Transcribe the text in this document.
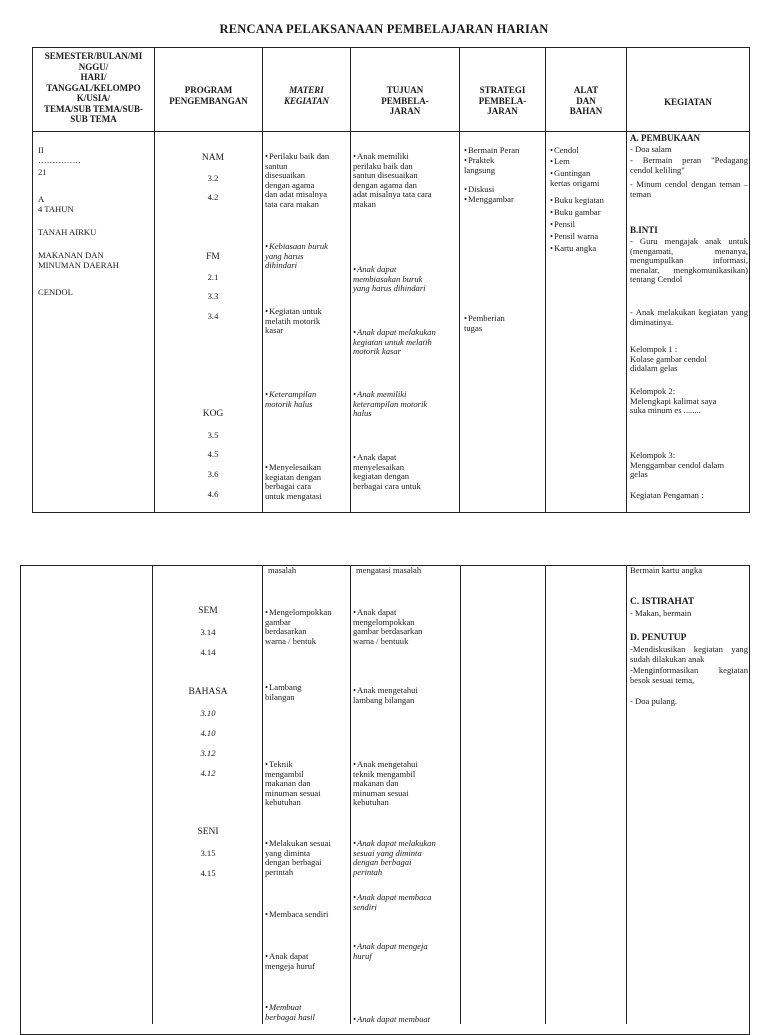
RENCANA PELAKSANAAN PEMBELAJARAN HARIAN
SEMESTER/BULAN/MI
NGGU/
HARI/
TANGGAL/KELOMPO
K/USIA/
TEMA/SUB TEMA/SUB-
SUB TEMA
PROGRAM
PENGEMBANGAN
MATERI
KEGIATAN
TUJUAN
PEMBELA-
JARAN
STRATEGI
PEMBELA-
JARAN
ALAT
DAN
BAHAN
KEGIATAN
II
……………
21
A
4 TAHUN
TANAH AIRKU
MAKANAN DAN
MINUMAN DAERAH
CENDOL
NAM
3.2
4.2
FM
2.1
3.3
3.4
KOG
3.5
4.5
3.6
4.6
• Perilaku baik dan
santun
disesuaikan
dengan agama
dan adat misalnya
tata cara makan
• Kebiasaan buruk
yang harus
dihindari
• Kegiatan untuk
melatih motorik
kasar
• Keterampilan
motorik halus
• Menyelesaikan
kegiatan dengan
berbagai cara
untuk mengatasi
• Anak memiliki
perilaku baik dan
santun disesuaikan
dengan agama dan
adat misalnya tata cara
makan
• Anak dapat
membiasakan buruk
yang harus dihindari
• Anak dapat melakukan
kegiatan untuk melatih
motorik kasar
• Anak memiliki
keterampilan motorik
halus
• Anak dapat
menyelesaikan
kegiatan dengan
berbagai cara untuk
• Bermain Peran
• Praktek
langsung
• Diskusi
• Menggambar
• Pemberian
tugas
• Cendol
• Lem
• Guntingan
kertas origami
• Buku kegiatan
• Buku gambar
• Pensil
• Pensil warna
• Kartu angka
A. PEMBUKAAN
- Doa salam
- Bermain peran "Pedagang cendol keliling"
- Minum cendol dengan teman – teman
B.INTI
- Guru mengajak anak untuk (mengamati, menanya, mengumpulkan informasi, menalar, mengkomunikasikan) tentang Cendol
- Anak melakukan kegiatan yang diminatinya.
Kelompok 1 :
Kolase gambar cendol
didalam gelas
Kelompok 2:
Melengkapi kalimat saya
suka minum es ........
Kelompok 3:
Menggambar cendol dalam
gelas
Kegiatan Pengaman :
masalah	mengatasi masalah	Bermain kartu angka
SEM
3.14
4.14
BAHASA
3.10
4.10
3.12
4.12
SENI
3.15
4.15
• Mengelompokkan
gambar
berdasarkan
warna / bentuk
• Lambang
bilangan
• Teknik
mengambil
makanan dan
minuman sesuai
kebutuhan
• Melakukan sesuai
yang diminta
dengan berbagai
perintah
• Membaca sendiri
• Anak dapat
mengeja huruf
• Membuat
berbagai hasil
• Anak dapat
mengelompokkan
gambar berdasarkan
warna / bentuuk
• Anak mengetahui
lambang bilangan
• Anak mengetahui
teknik mengambil
makanan dan
minuman sesuai
kebutuhan
• Anak dapat melakukan
sesuai yang diminta
dengan berbagai
perintah
• Anak dapat membaca
sendiri
• Anak dapat mengeja
huruf
• Anak dapat membuat
C. ISTIRAHAT
- Makan, bermain
D. PENUTUP
-Mendiskusikan kegiatan yang sudah dilakukan anak
-Menginformasikan kegiatan besok sesuai tema,
- Doa pulang.
